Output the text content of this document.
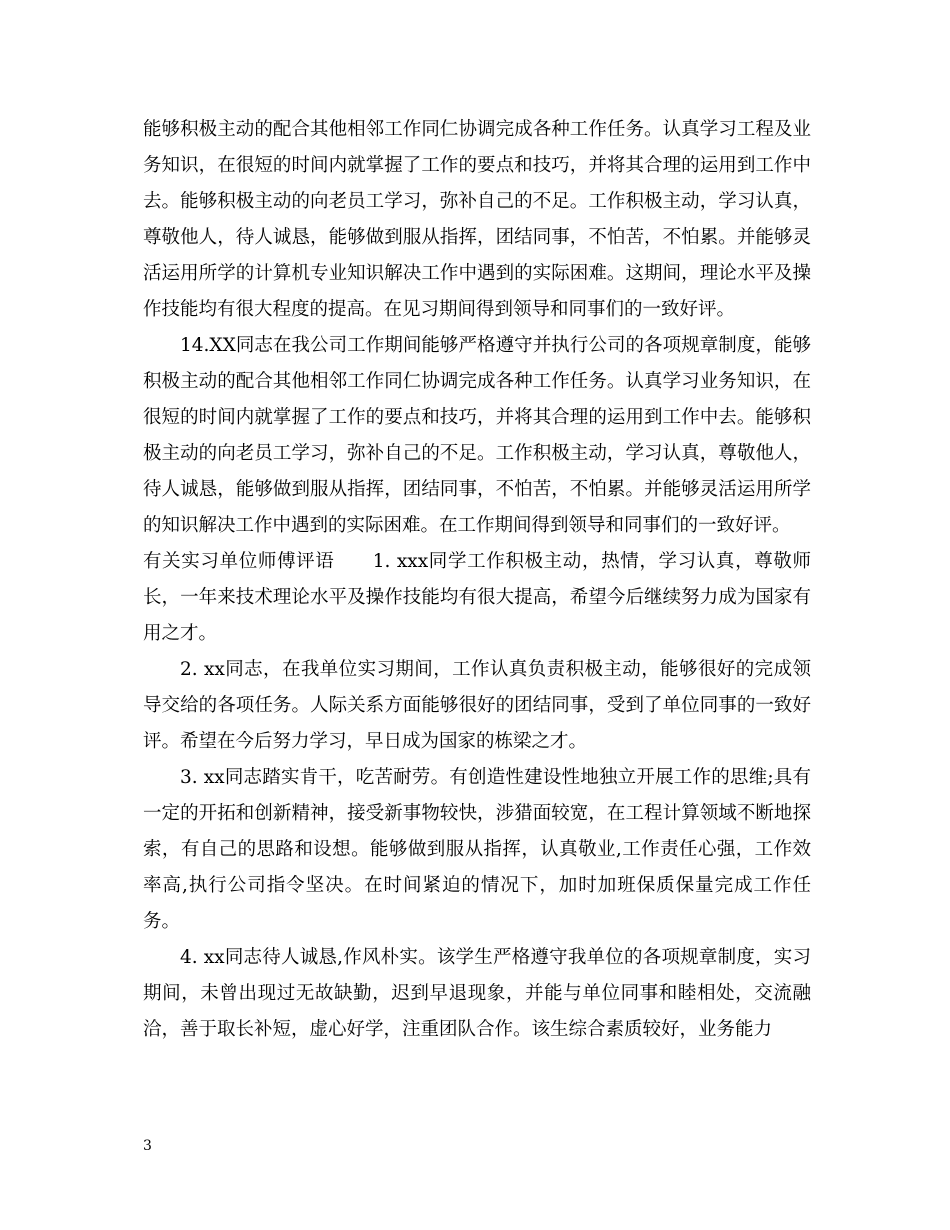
能够积极主动的配合其他相邻工作同仁协调完成各种工作任务。认真学习工程及业务知识，在很短的时间内就掌握了工作的要点和技巧，并将其合理的运用到工作中去。能够积极主动的向老员工学习，弥补自己的不足。工作积极主动，学习认真，尊敬他人，待人诚恳，能够做到服从指挥，团结同事，不怕苦，不怕累。并能够灵活运用所学的计算机专业知识解决工作中遇到的实际困难。这期间，理论水平及操作技能均有很大程度的提高。在见习期间得到领导和同事们的一致好评。

14.XX同志在我公司工作期间能够严格遵守并执行公司的各项规章制度，能够积极主动的配合其他相邻工作同仁协调完成各种工作任务。认真学习业务知识，在很短的时间内就掌握了工作的要点和技巧，并将其合理的运用到工作中去。能够积极主动的向老员工学习，弥补自己的不足。工作积极主动，学习认真，尊敬他人，待人诚恳，能够做到服从指挥，团结同事，不怕苦，不怕累。并能够灵活运用所学的知识解决工作中遇到的实际困难。在工作期间得到领导和同事们的一致好评。

有关实习单位师傅评语　　1. xxx同学工作积极主动，热情，学习认真，尊敬师长，一年来技术理论水平及操作技能均有很大提高，希望今后继续努力成为国家有用之才。

2. xx同志，在我单位实习期间，工作认真负责积极主动，能够很好的完成领导交给的各项任务。人际关系方面能够很好的团结同事，受到了单位同事的一致好评。希望在今后努力学习，早日成为国家的栋梁之才。

3. xx同志踏实肯干，吃苦耐劳。有创造性建设性地独立开展工作的思维;具有一定的开拓和创新精神，接受新事物较快，涉猎面较宽，在工程计算领域不断地探索，有自己的思路和设想。能够做到服从指挥，认真敬业,工作责任心强，工作效率高,执行公司指令坚决。在时间紧迫的情况下，加时加班保质保量完成工作任务。

4. xx同志待人诚恳,作风朴实。该学生严格遵守我单位的各项规章制度，实习期间，未曾出现过无故缺勤，迟到早退现象，并能与单位同事和睦相处，交流融洽，善于取长补短，虚心好学，注重团队合作。该生综合素质较好，业务能力

3
